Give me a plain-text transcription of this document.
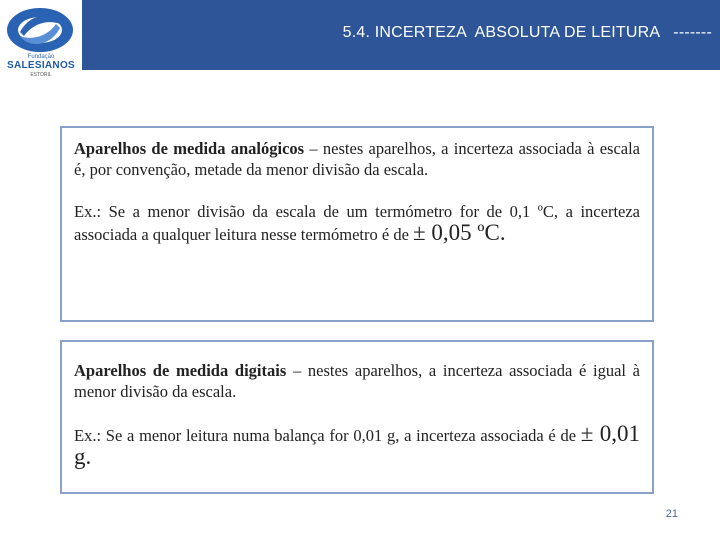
5.4. INCERTEZA  ABSOLUTA DE LEITURA   -------
Fundação
SALESIANOS
ESTORIL

Aparelhos de medida analógicos – nestes aparelhos, a incerteza associada à escala é, por convenção, metade da menor divisão da escala.

Ex.: Se a menor divisão da escala de um termómetro for de 0,1 ºC, a incerteza associada a qualquer leitura nesse termómetro é de ± 0,05 ºC.

Aparelhos de medida digitais – nestes aparelhos, a incerteza associada é igual à menor divisão da escala.

Ex.: Se a menor leitura numa balança for 0,01 g, a incerteza associada é de ± 0,01 g.

21
